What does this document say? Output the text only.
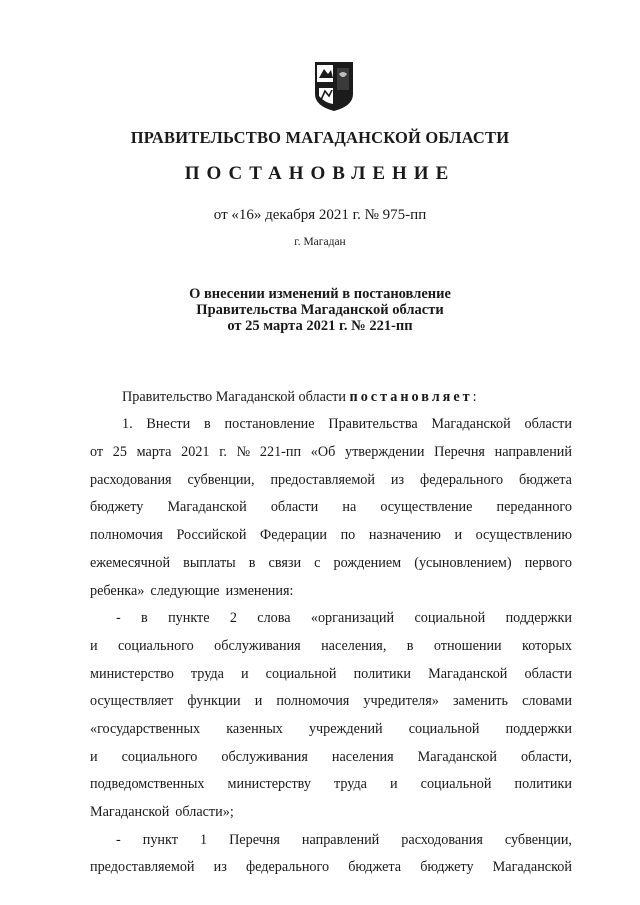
ПРАВИТЕЛЬСТВО МАГАДАНСКОЙ ОБЛАСТИ
ПОСТАНОВЛЕНИЕ
от «16» декабря 2021 г. № 975-пп
г. Магадан
О внесении изменений в постановление
Правительства Магаданской области
от 25 марта 2021 г. № 221-пп
Правительство Магаданской области
постановляет :
1. Внести в постановление Правительства Магаданской области
от 25 марта 2021 г. № 221-пп «Об утверждении Перечня направлений
расходования субвенции, предоставляемой из федерального бюджета
бюджету Магаданской области на осуществление переданного
полномочия Российской Федерации по назначению и осуществлению
ежемесячной выплаты в связи с рождением (усыновлением) первого
ребенка» следующие изменения:
- в пункте 2 слова «организаций социальной поддержки
и социального обслуживания населения, в отношении которых
министерство труда и социальной политики Магаданской области
осуществляет функции и полномочия учредителя» заменить словами
«государственных казенных учреждений социальной поддержки
и социального обслуживания населения Магаданской области,
подведомственных министерству труда и социальной политики
Магаданской области»;
- пункт 1 Перечня направлений расходования субвенции,
предоставляемой из федерального бюджета бюджету Магаданской
